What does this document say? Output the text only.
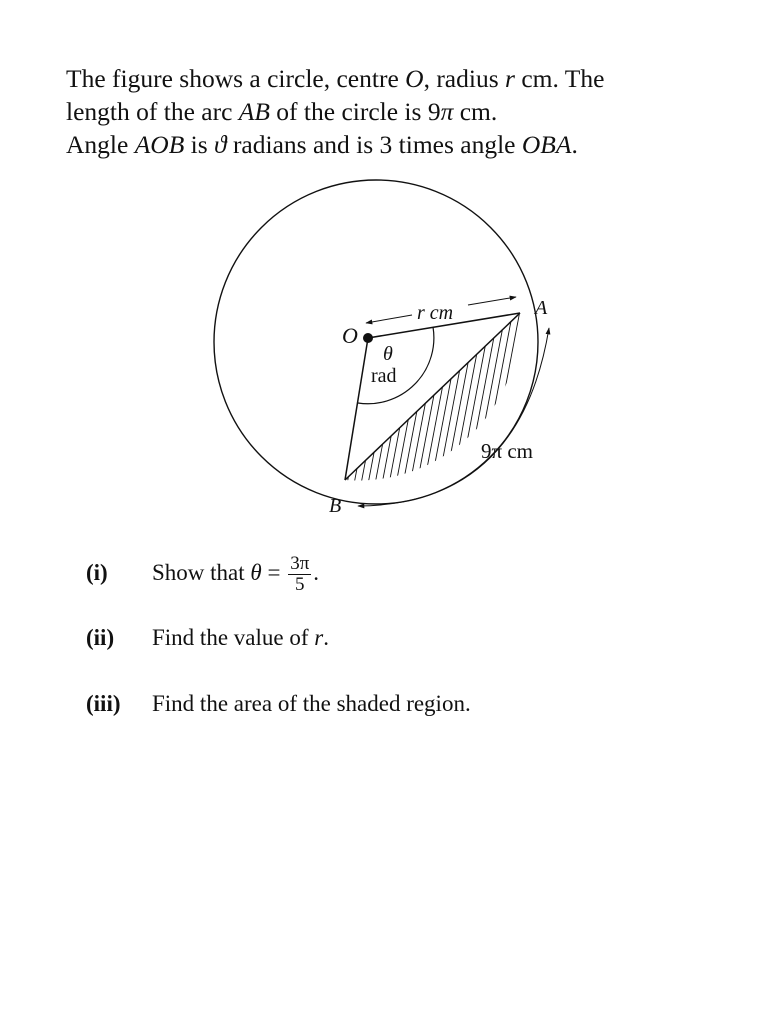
The figure shows a circle, centre O, radius r cm. The
length of the arc AB of the circle is 9π cm.
Angle AOB is ϑ radians and is 3 times angle OBA.
O
A
B
r cm
θ
rad
9π cm
(i) Show that $\theta = \frac{3\pi}{5}$ .
(ii) Find the value of r.
(iii) Find the area of the shaded region.
